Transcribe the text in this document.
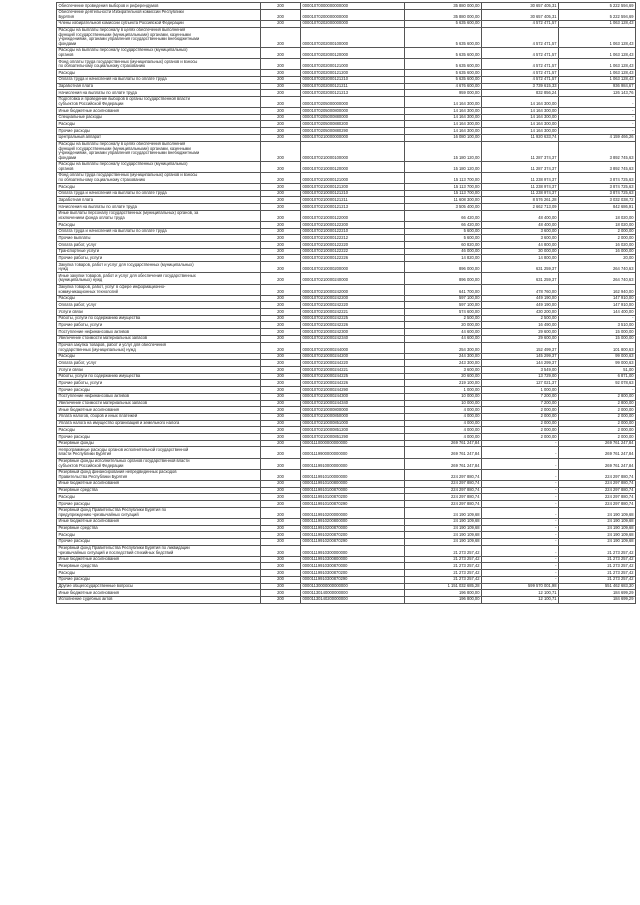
Обеспечение проведения выборов и референдумов	200	00001070000000000000	35 880 000,00	30 657 405,31	5 222 594,69
Обеспечение деятельности Избирательной комиссии Республики
Бурятия	200	00001070200000000000	35 880 000,00	30 657 405,31	5 222 594,69
Члены избирательной комиссии субъекта Российской Федерации	200	00001070202000000000	5 635 600,00	4 572 471,57	1 063 128,43
Расходы на выплаты персоналу в целях обеспечения выполнения
функций государственными (муниципальными) органами, казенными
учреждениями, органами управления государственными внебюджетными
фондами	200	00001070202000100000	5 635 600,00	4 572 471,57	1 063 128,43
Расходы на выплаты персоналу государственных (муниципальных)
органов	200	00001070202000120000	5 635 600,00	4 572 471,57	1 063 128,43
Фонд оплаты труда государственных (муниципальных) органов и взносы
по обязательному социальному страхованию	200	00001070202000121000	5 635 600,00	4 572 471,57	1 063 128,43
Расходы	200	00001070202000121200	5 635 600,00	4 572 471,57	1 063 128,43
Оплата труда и начисления на выплаты по оплате труда	200	00001070202000121210	5 635 600,00	4 572 471,57	1 063 128,43
Заработная плата	200	00001070202000121211	4 676 600,00	3 739 615,33	936 984,67
Начисления на выплаты по оплате труда	200	00001070202000121213	959 000,00	832 856,24	126 143,76
Подготовка и проведение выборов в органы государственной власти
субъектов Российской Федерации	200	00001070205000000000	14 164 300,00	14 164 300,00	-
Иные бюджетные ассигнования	200	00001070205000800000	14 164 300,00	14 164 300,00	-
Специальные расходы	200	00001070205000880000	14 164 300,00	14 164 300,00	-
Расходы	200	00001070205000880200	14 164 300,00	14 164 300,00	-
Прочие расходы	200	00001070205000880290	14 164 300,00	14 164 300,00	-
Центральный аппарат	200	00001070210000000000	16 080 100,00	11 920 633,74	4 159 466,26
Расходы на выплаты персоналу в целях обеспечения выполнения
функций государственными (муниципальными) органами, казенными
учреждениями, органами управления государственными внебюджетными
фондами	200	00001070210000100000	15 180 120,00	11 287 374,37	3 892 745,63
Расходы на выплаты персоналу государственных (муниципальных)
органов	200	00001070210000120000	15 180 120,00	11 287 374,37	3 892 745,63
Фонд оплаты труда государственных (муниципальных) органов и взносы
по обязательному социальному страхованию	200	00001070210000121000	15 113 700,00	11 238 974,37	3 874 725,63
Расходы	200	00001070210000121200	15 113 700,00	11 238 974,37	3 874 725,63
Оплата труда и начисления на выплаты по оплате труда	200	00001070210000121210	15 113 700,00	11 238 974,37	3 874 725,63
Заработная плата	200	00001070210000121211	11 608 300,00	8 576 261,28	3 032 038,72
Начисления на выплаты по оплате труда	200	00001070210000121213	3 505 400,00	2 662 713,09	842 686,91
Иные выплаты персоналу государственных (муниципальных) органов, за
исключением фонда оплаты труда	200	00001070210000122000	66 420,00	48 400,00	18 020,00
Расходы	200	00001070210000122200	66 420,00	48 400,00	18 020,00
Оплата труда и начисления на выплаты по оплате труда	200	00001070210000122210	5 600,00	3 600,00	2 000,00
Прочие выплаты	200	00001070210000122212	5 600,00	3 600,00	2 000,00
Оплата работ, услуг	200	00001070210000122220	60 820,00	44 800,00	16 020,00
Транспортные услуги	200	00001070210000122222	46 000,00	30 000,00	16 000,00
Прочие работы, услуги	200	00001070210000122226	14 820,00	14 800,00	20,00
Закупка товаров, работ и услуг для государственных (муниципальных)
нужд	200	00001070210000200000	896 000,00	631 259,37	264 740,63
Иные закупки товаров, работ и услуг для обеспечения государственных
(муниципальных) нужд	200	00001070210000240000	896 000,00	631 259,37	264 740,63
Закупка товаров, работ, услуг в сфере информационно-
коммуникационных технологий	200	00001070210000242000	641 700,00	478 760,00	162 940,00
Расходы	200	00001070210000242200	597 100,00	449 190,00	147 910,00
Оплата работ, услуг	200	00001070210000242220	597 100,00	449 190,00	147 910,00
Услуги связи	200	00001070210000242221	574 600,00	430 200,00	144 400,00
Работы, услуги по содержанию имущества	200	00001070210000242225	2 500,00	2 500,00	-
Прочие работы, услуги	200	00001070210000242226	20 000,00	16 490,00	3 510,00
Поступление нефинансовых активов	200	00001070210000242300	44 600,00	29 600,00	15 000,00
Увеличение стоимости материальных запасов	200	00001070210000242340	44 600,00	29 600,00	15 000,00
Прочая закупка товаров, работ и услуг для обеспечения
государственных (муниципальных) нужд	200	00001070210000244000	254 300,00	152 499,37	101 800,63
Расходы	200	00001070210000244200	244 300,00	145 299,37	99 000,63
Оплата работ, услуг	200	00001070210000244220	243 300,00	144 299,37	99 000,63
Услуги связи	200	00001070210000244221	3 600,00	3 549,00	51,00
Работы, услуги по содержанию имущества	200	00001070210000244225	20 600,00	13 729,00	6 871,00
Прочие работы, услуги	200	00001070210000244226	219 100,00	127 021,37	92 078,63
Прочие расходы	200	00001070210000244290	1 000,00	1 000,00	-
Поступление нефинансовых активов	200	00001070210000244300	10 000,00	7 200,00	2 800,00
Увеличение стоимости материальных запасов	200	00001070210000244340	10 000,00	7 200,00	2 800,00
Иные бюджетные ассигнования	200	00001070210000800000	4 000,00	2 000,00	2 000,00
Уплата налогов, сборов и иных платежей	200	00001070210000850000	4 000,00	2 000,00	2 000,00
Уплата налога на имущество организаций и земельного налога	200	00001070210000851000	4 000,00	2 000,00	2 000,00
Расходы	200	00001070210000851200	4 000,00	2 000,00	2 000,00
Прочие расходы	200	00001070210000851290	4 000,00	2 000,00	2 000,00
Резервные фонды	200	00001110000000000000	269 761 247,84	-	269 761 247,84
Непрограммные расходы органов исполнительной государственной
власти Республики Бурятия	200	00001119900000000000	269 761 247,84	-	269 761 247,84
Резервные фонды исполнительных органов государственной власти
субъектов Российской Федерации	200	00001119910000000000	269 761 247,84	-	269 761 247,84
Резервный фонд финансирования непредвиденных расходов
Правительства Республики Бурятия	200	00001119910100000000	224 297 880,74	-	224 297 880,74
Иные бюджетные ассигнования	200	00001119910100800000	224 297 880,74	-	224 297 880,74
Резервные средства	200	00001119910100870000	224 297 880,74	-	224 297 880,74
Расходы	200	00001119910100870200	224 297 880,74	-	224 297 880,74
Прочие расходы	200	00001119910100870290	224 297 880,74	-	224 297 880,74
Резервный фонд Правительства Республики Бурятия по
предупреждению чрезвычайных ситуаций	200	00001119910200000000	24 190 109,68	-	24 190 109,68
Иные бюджетные ассигнования	200	00001119910200800000	24 190 109,68	-	24 190 109,68
Резервные средства	200	00001119910200870000	24 190 109,68	-	24 190 109,68
Расходы	200	00001119910200870200	24 190 109,68	-	24 190 109,68
Прочие расходы	200	00001119910200870290	24 190 109,68	-	24 190 109,68
Резервный фонд Правительства Республики Бурятия по ликвидации
чрезвычайных ситуаций и последствий стихийных бедствий	200	00001119910300000000	21 273 257,42	-	21 273 257,42
Иные бюджетные ассигнования	200	00001119910300800000	21 273 257,42	-	21 273 257,42
Резервные средства	200	00001119910300870000	21 273 257,42	-	21 273 257,42
Расходы	200	00001119910300870200	21 273 257,42	-	21 273 257,42
Прочие расходы	200	00001119910300870290	21 273 257,42	-	21 273 257,42
Другие общегосударственные вопросы	200	00001130000000000000	1 151 032 685,28	599 570 001,98	551 462 683,30
Иные бюджетные ассигнования	200	00001130140000000000	196 800,00	12 100,71	184 699,29
Исполнение судебных актов	200	00001130140200000000	196 800,00	12 100,71	184 699,29
